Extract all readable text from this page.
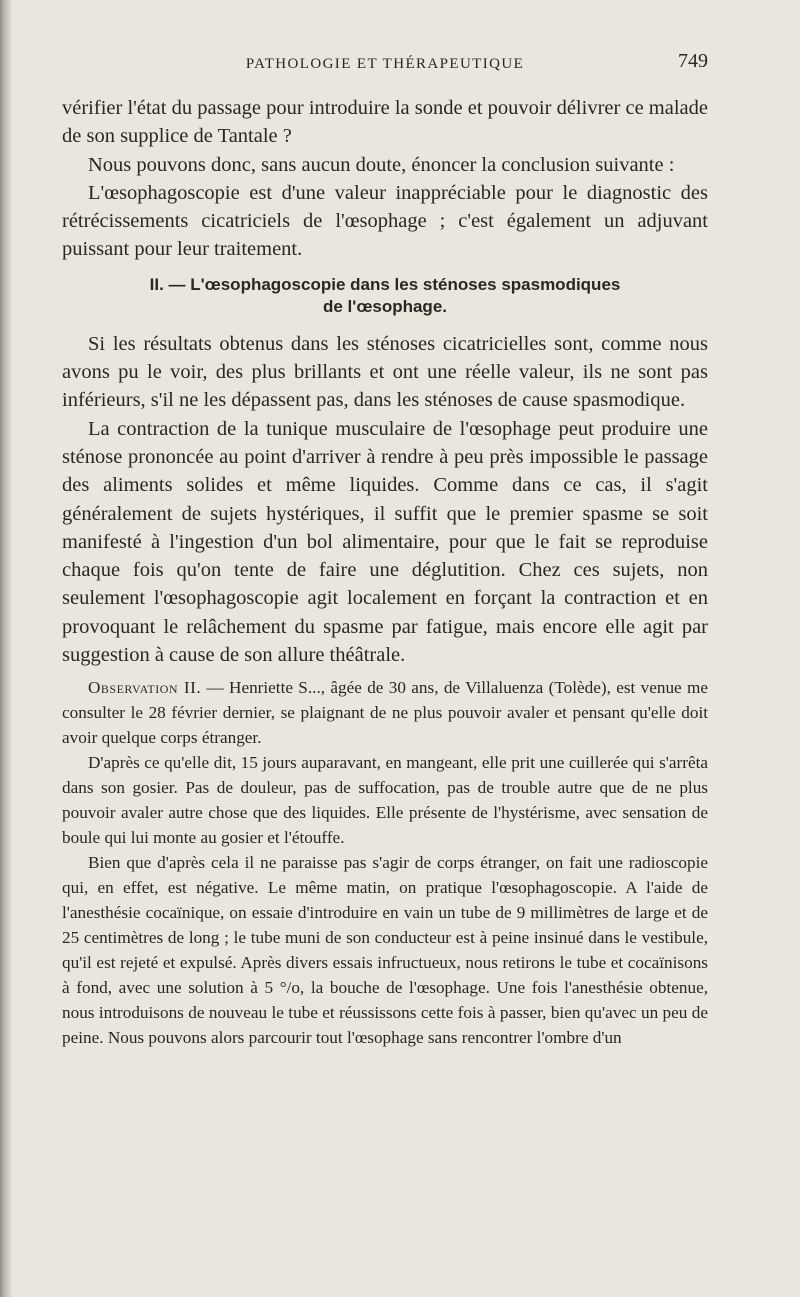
PATHOLOGIE ET THÉRAPEUTIQUE	749

vérifier l'état du passage pour introduire la sonde et pouvoir délivrer ce malade de son supplice de Tantale ?

Nous pouvons donc, sans aucun doute, énoncer la conclusion suivante :

L'œsophagoscopie est d'une valeur inappréciable pour le diagnostic des rétrécissements cicatriciels de l'œsophage ; c'est également un adjuvant puissant pour leur traitement.

II. — L'œsophagoscopie dans les sténoses spasmodiques
de l'œsophage.

Si les résultats obtenus dans les sténoses cicatricielles sont, comme nous avons pu le voir, des plus brillants et ont une réelle valeur, ils ne sont pas inférieurs, s'il ne les dépassent pas, dans les sténoses de cause spasmodique.

La contraction de la tunique musculaire de l'œsophage peut produire une sténose prononcée au point d'arriver à rendre à peu près impossible le passage des aliments solides et même liquides. Comme dans ce cas, il s'agit généralement de sujets hystériques, il suffit que le premier spasme se soit manifesté à l'ingestion d'un bol alimentaire, pour que le fait se reproduise chaque fois qu'on tente de faire une déglutition. Chez ces sujets, non seulement l'œsophagoscopie agit localement en forçant la contraction et en provoquant le relâchement du spasme par fatigue, mais encore elle agit par suggestion à cause de son allure théâtrale.

Observation II. — Henriette S..., âgée de 30 ans, de Villaluenza (Tolède), est venue me consulter le 28 février dernier, se plaignant de ne plus pouvoir avaler et pensant qu'elle doit avoir quelque corps étranger.

D'après ce qu'elle dit, 15 jours auparavant, en mangeant, elle prit une cuillerée qui s'arrêta dans son gosier. Pas de douleur, pas de suffocation, pas de trouble autre que de ne plus pouvoir avaler autre chose que des liquides. Elle présente de l'hystérisme, avec sensation de boule qui lui monte au gosier et l'étouffe.

Bien que d'après cela il ne paraisse pas s'agir de corps étranger, on fait une radioscopie qui, en effet, est négative. Le même matin, on pratique l'œsophagoscopie. A l'aide de l'anesthésie cocaïnique, on essaie d'introduire en vain un tube de 9 millimètres de large et de 25 centimètres de long ; le tube muni de son conducteur est à peine insinué dans le vestibule, qu'il est rejeté et expulsé. Après divers essais infructueux, nous retirons le tube et cocaïnisons à fond, avec une solution à 5 °/o, la bouche de l'œsophage. Une fois l'anesthésie obtenue, nous introduisons de nouveau le tube et réussissons cette fois à passer, bien qu'avec un peu de peine. Nous pouvons alors parcourir tout l'œsophage sans rencontrer l'ombre d'un
